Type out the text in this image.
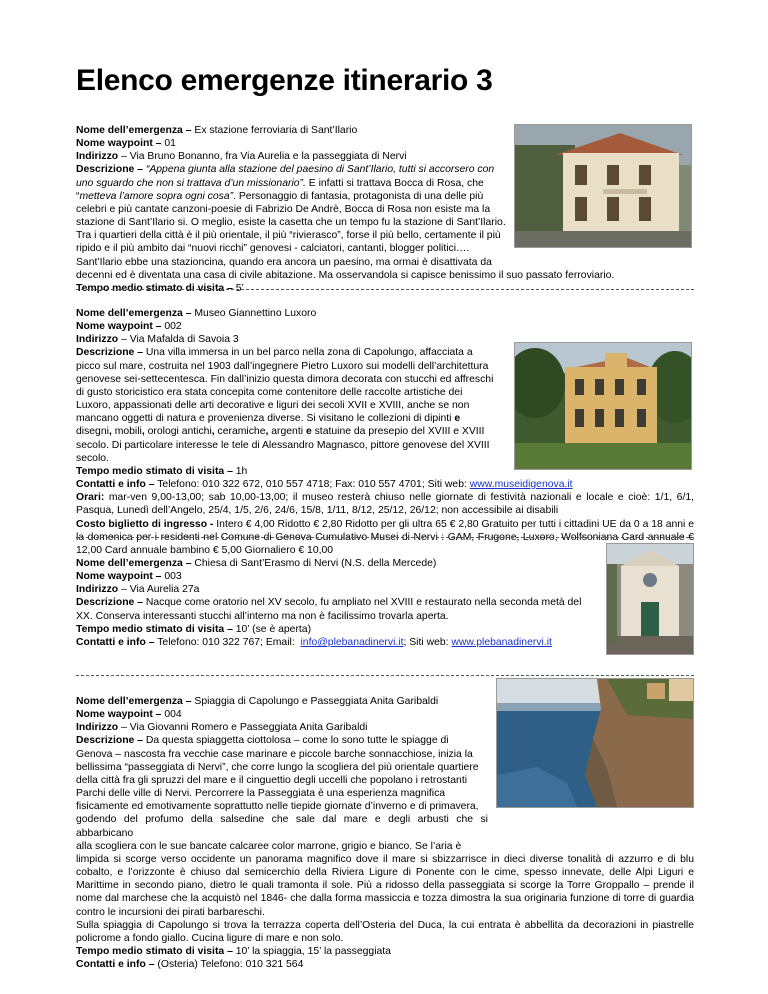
Elenco emergenze itinerario 3

Nome dell’emergenza – Ex stazione ferroviaria di Sant’Ilario

Nome waypoint – 01

Indirizzo – Via Bruno Bonanno, fra Via Aurelia e la passeggiata di Nervi

Descrizione – “Appena giunta alla stazione del paesino di Sant’Ilario, tutti si accorsero con

uno sguardo che non si trattava d’un missionario”. E infatti si trattava Bocca di Rosa, che

“metteva l’amore sopra ogni cosa”. Personaggio di fantasia, protagonista di una delle più

celebri e più cantate canzoni-poesie di Fabrizio De Andrè, Bocca di Rosa non esiste ma la

stazione di Sant’Ilario si. O meglio, esiste la casetta che un tempo fu la stazione di Sant’Ilario.

Tra i quartieri della città è il più orientale, il più “rivierasco”, forse il più bello, certamente il più

ripido e il più ambito dai “nuovi ricchi” genovesi - calciatori, cantanti, blogger politici….

Sant’Ilario ebbe una stazioncina, quando era ancora un paesino, ma ormai è disattivata da

decenni ed è diventata una casa di civile abitazione. Ma osservandola si capisce benissimo il suo passato ferroviario.

Tempo medio stimato di visita – 5’

Nome dell’emergenza – Museo Giannettino Luxoro

Nome waypoint – 002

Indirizzo – Via Mafalda di Savoia 3

Descrizione – Una villa immersa in un bel parco nella zona di Capolungo, affacciata a

picco sul mare, costruita nel 1903 dall’ingegnere Pietro Luxoro sui modelli dell’architettura

genovese sei-settecentesca. Fin dall’inizio questa dimora decorata con stucchi ed affreschi

di gusto storicistico era stata concepita come contenitore delle raccolte artistiche dei

Luxoro, appassionati delle arti decorative e liguri dei secoli XVII e XVIII, anche se non

mancano oggetti di natura e provenienza diverse. Si visitano le collezioni di dipinti e

disegni, mobili, orologi antichi, ceramiche, argenti e statuine da presepio del XVIII e XVIII

secolo. Di particolare interesse le tele di Alessandro Magnasco, pittore genovese del XVIII

secolo.

Tempo medio stimato di visita – 1h

Contatti e info – Telefono: 010 322 672, 010 557 4718; Fax: 010 557 4701; Siti web: www.museidigenova.it

Orari: mar-ven 9,00-13,00; sab 10,00-13,00; il museo resterà chiuso nelle giornate di festività nazionali e locale e cioè: 1/1, 6/1, Pasqua, Lunedì dell’Angelo, 25/4, 1/5, 2/6, 24/6, 15/8, 1/11, 8/12, 25/12, 26/12; non accessibile ai disabili

Costo biglietto di ingresso - Intero € 4,00 Ridotto € 2,80 Ridotto per gli ultra 65 € 2,80 Gratuito per tutti i cittadini UE da 0 a 18 anni e la domenica per i residenti nel Comune di Genova Cumulativo Musei di Nervi : GAM, Frugone, Luxoro, Wolfsoniana Card annuale € 12,00 Card annuale bambino € 5,00 Giornaliero € 10,00

Nome dell’emergenza – Chiesa di Sant’Erasmo di Nervi (N.S. della Mercede)

Nome waypoint – 003

Indirizzo – Via Aurelia 27a

Descrizione – Nacque come oratorio nel XV secolo, fu ampliato nel XVIII e restaurato nella seconda metà del

XX. Conserva interessanti stucchi all’interno ma non è facilissimo trovarla aperta.

Tempo medio stimato di visita – 10’ (se è aperta)

Contatti e info – Telefono: 010 322 767; Email: info@plebanadinervi.it; Siti web: www.plebanadinervi.it

Nome dell’emergenza – Spiaggia di Capolungo e Passeggiata Anita Garibaldi

Nome waypoint – 004

Indirizzo – Via Giovanni Romero e Passeggiata Anita Garibaldi

Descrizione – Da questa spiaggetta ciottolosa – come lo sono tutte le spiagge di

Genova – nascosta fra vecchie case marinare e piccole barche sonnacchiose, inizia la

bellissima “passeggiata di Nervi”, che corre lungo la scogliera del più orientale quartiere

della città fra gli spruzzi del mare e il cinguettio degli uccelli che popolano i retrostanti

Parchi delle ville di Nervi. Percorrere la Passeggiata è una esperienza magnifica

fisicamente ed emotivamente soprattutto nelle tiepide giornate d’inverno e di primavera,

godendo del profumo della salsedine che sale dal mare e degli arbusti che si abbarbicano

alla scogliera con le sue bancate calcaree color marrone, grigio e bianco. Se l’aria è

limpida si scorge verso occidente un panorama magnifico dove il mare si sbizzarrisce in dieci diverse tonalità di azzurro e di blu cobalto, e l’orizzonte è chiuso dal semicerchio della Riviera Ligure di Ponente con le cime, spesso innevate, delle Alpi Liguri e Marittime in secondo piano, dietro le quali tramonta il sole. Più a ridosso della passeggiata si scorge la Torre Groppallo – prende il nome dal marchese che la acquistò nel 1846- che dalla forma massiccia e tozza dimostra la sua originaria funzione di torre di guardia contro le incursioni dei pirati barbareschi.

Sulla spiaggia di Capolungo si trova la terrazza coperta dell’Osteria del Duca, la cui entrata è abbellita da decorazioni in piastrelle policrome a fondo giallo. Cucina ligure di mare e non solo.

Tempo medio stimato di visita – 10’ la spiaggia, 15’ la passeggiata

Contatti e info – (Osteria) Telefono: 010 321 564
